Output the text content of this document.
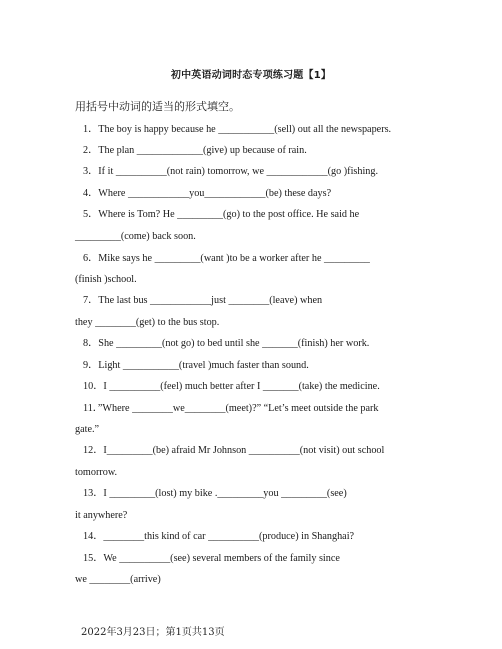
初中英语动词时态专项练习题【1】
用括号中动词的适当的形式填空。
1．The boy is happy because he ___________(sell) out all the newspapers.
2．The plan _____________(give) up because of rain.
3．If it __________(not rain) tomorrow, we ____________(go )fishing.
4．Where ____________you____________(be) these days?
5．Where is Tom? He _________(go) to the post office. He said he
_________(come) back soon.
6．Mike says he _________(want )to be a worker after he _________
(finish )school.
7．The last bus ____________just ________(leave) when
they ________(get) to the bus stop.
8．She _________(not go) to bed until she _______(finish) her work.
9．Light ___________(travel )much faster than sound.
10．I __________(feel) much better after I _______(take) the medicine.
11．”Where ________we________(meet)?” “Let’s meet outside the park
gate.”
12．I_________(be) afraid Mr Johnson __________(not visit) out school
tomorrow.
13．I _________(lost) my bike ._________you _________(see)
it anywhere?
14．________this kind of car __________(produce) in Shanghai?
15．We __________(see) several members of the family since
we ________(arrive)
2022年3月23日；第1页共13页
